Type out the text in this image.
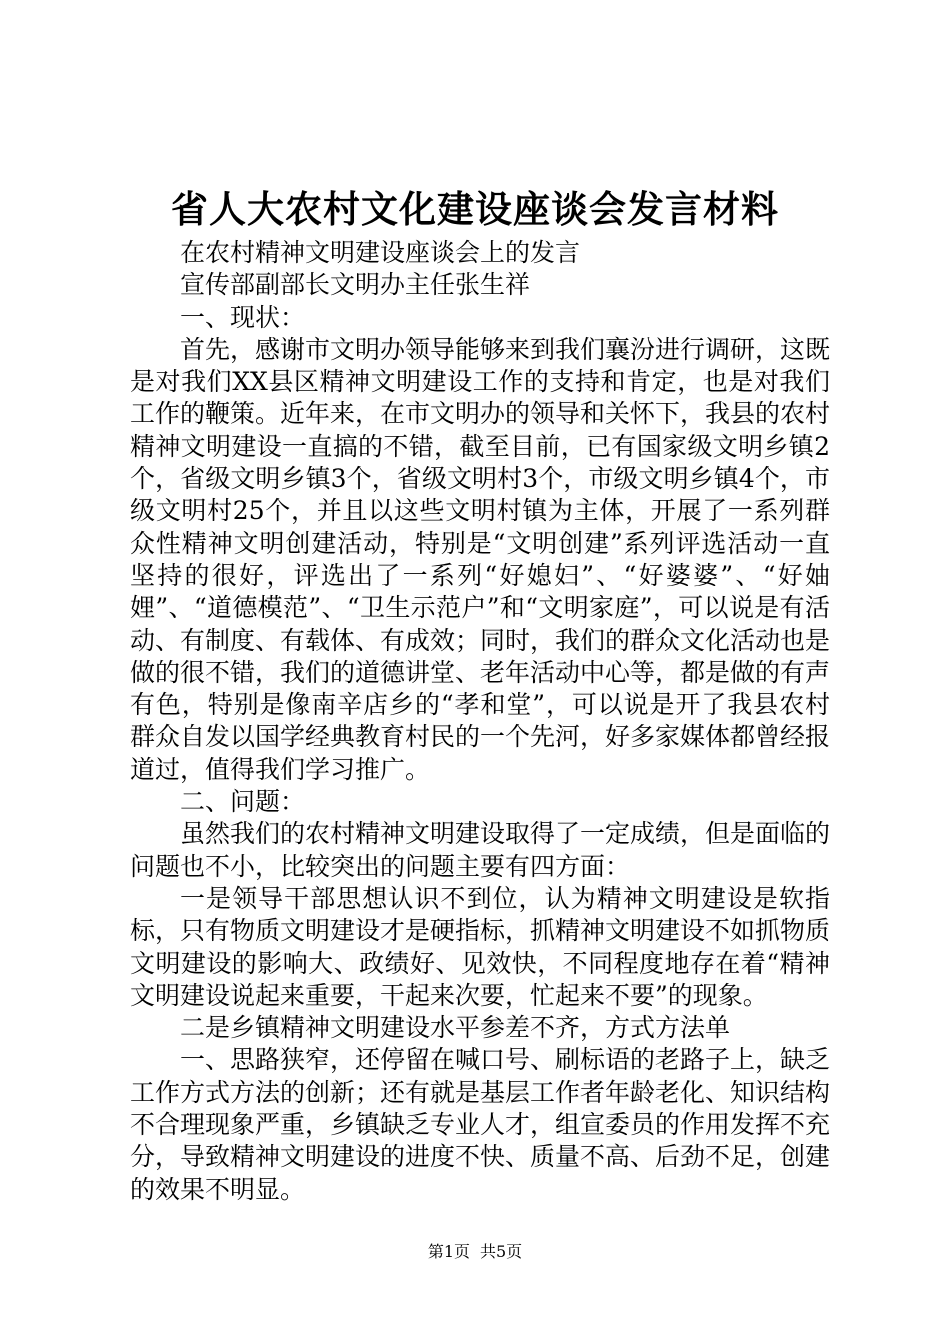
省人大农村文化建设座谈会发言材料

在农村精神文明建设座谈会上的发言

宣传部副部长文明办主任张生祥

一、现状：

首先，感谢市文明办领导能够来到我们襄汾进行调研，这既是对我们XX县区精神文明建设工作的支持和肯定，也是对我们工作的鞭策。近年来，在市文明办的领导和关怀下，我县的农村精神文明建设一直搞的不错，截至目前，已有国家级文明乡镇2个，省级文明乡镇3个，省级文明村3个，市级文明乡镇4个，市级文明村25个，并且以这些文明村镇为主体，开展了一系列群众性精神文明创建活动，特别是“文明创建”系列评选活动一直坚持的很好，评选出了一系列“好媳妇”、“好婆婆”、“好妯娌”、“道德模范”、“卫生示范户”和“文明家庭”，可以说是有活动、有制度、有载体、有成效；同时，我们的群众文化活动也是做的很不错，我们的道德讲堂、老年活动中心等，都是做的有声有色，特别是像南辛店乡的“孝和堂”，可以说是开了我县农村群众自发以国学经典教育村民的一个先河，好多家媒体都曾经报道过，值得我们学习推广。

二、问题：

虽然我们的农村精神文明建设取得了一定成绩，但是面临的问题也不小，比较突出的问题主要有四方面：

一是领导干部思想认识不到位，认为精神文明建设是软指标，只有物质文明建设才是硬指标，抓精神文明建设不如抓物质文明建设的影响大、政绩好、见效快，不同程度地存在着“精神文明建设说起来重要，干起来次要，忙起来不要”的现象。

二是乡镇精神文明建设水平参差不齐，方式方法单

一、思路狭窄，还停留在喊口号、刷标语的老路子上，缺乏工作方式方法的创新；还有就是基层工作者年龄老化、知识结构不合理现象严重，乡镇缺乏专业人才，组宣委员的作用发挥不充分，导致精神文明建设的进度不快、质量不高、后劲不足，创建的效果不明显。

第1页 共5页
